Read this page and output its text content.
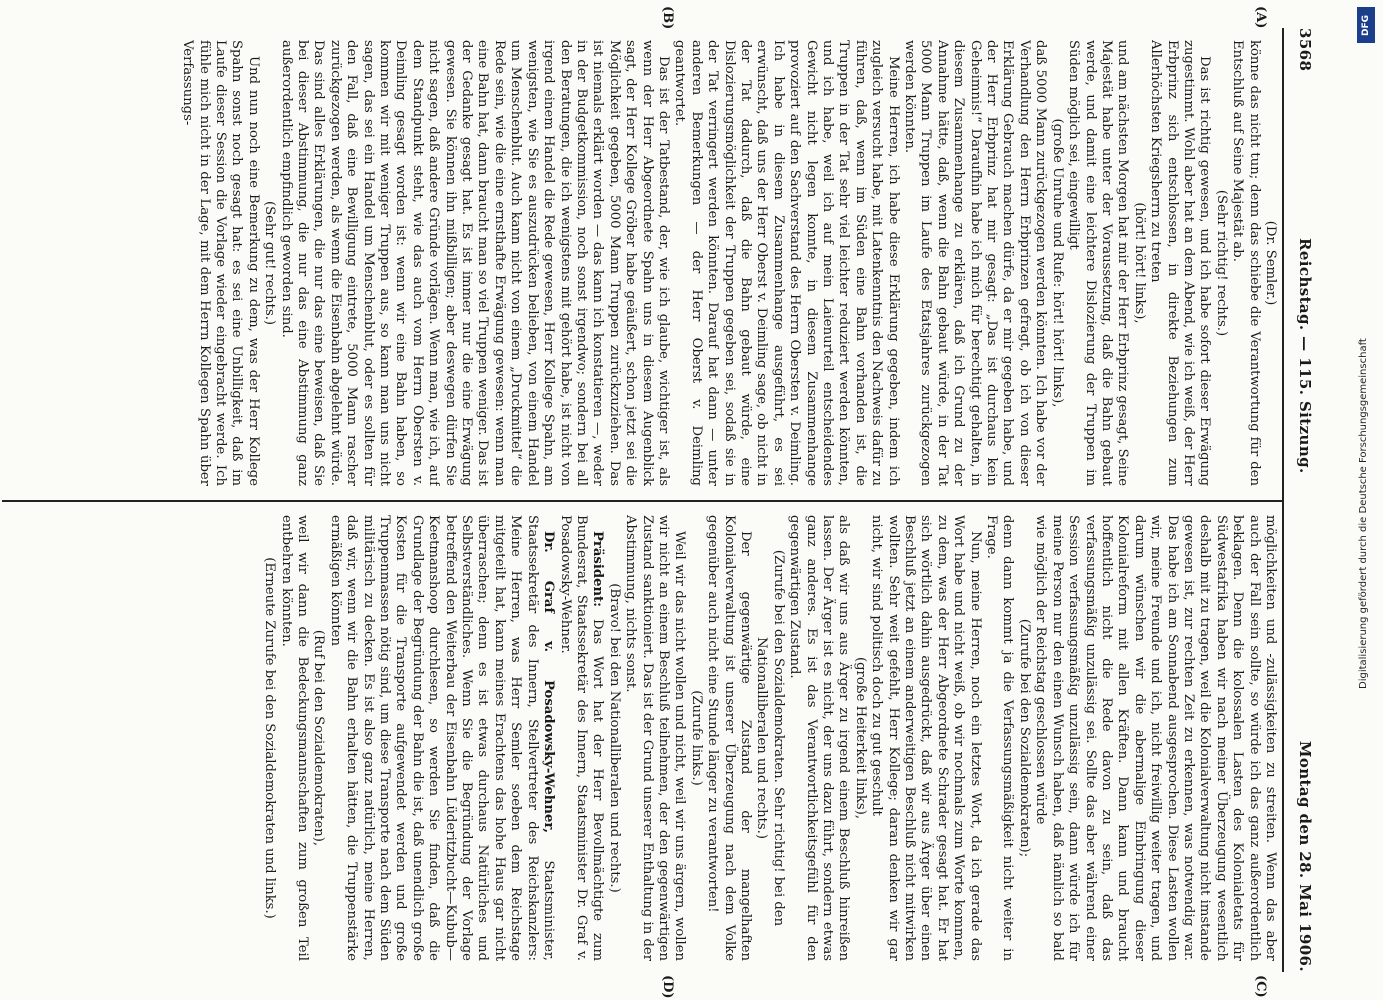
3568
Reichstag. — 115. Sitzung.
Montag den 28. Mai 1906.
(A)
(B)
(C)
(D)

(Dr. Semler.)

könne das nicht tun; denn das schiebe die Verantwortung für den Entschluß auf Seine Majestät ab.

(Sehr richtig! rechts.)

Das ist richtig gewesen, und ich habe sofort dieser Erwägung zugestimmt. Wohl aber hat an dem Abend, wie ich weiß, der Herr Erbprinz sich entschlossen, in direkte Beziehungen zum Allerhöchsten Kriegsherrn zu treten

(hört! hört! links),

und am nächsten Morgen hat mir der Herr Erbprinz gesagt, Seine Majestät habe unter der Voraussetzung, daß die Bahn gebaut werde, und damit eine leichtere Dislozierung der Truppen im Süden möglich sei, eingewilligt

(große Unruhe und Rufe: hört! hört! links),

daß 5000 Mann zurückgezogen werden könnten. Ich habe vor der Verhandlung den Herrn Erbprinzen gefragt, ob ich von dieser Erklärung Gebrauch machen dürfe, da er mir gegeben habe, und der Herr Erbprinz hat mir gesagt: „Das ist durchaus kein Geheimnis!“ Daraufhin habe ich mich für berechtigt gehalten, in diesem Zusammenhange zu erklären, daß ich Grund zu der Annahme hätte, daß, wenn die Bahn gebaut würde, in der Tat 5000 Mann Truppen im Laufe des Etatsjahres zurückgezogen werden könnten.

Meine Herren, ich habe diese Erklärung gegeben, indem ich zugleich versucht habe, mit Latenkenntnis den Nachweis dafür zu führen, daß, wenn im Süden eine Bahn vorhanden ist, die Truppen in der Tat sehr viel leichter reduziert werden könnten, und ich habe, weil ich auf mein Laienurteil entscheidendes Gewicht nicht legen konnte, in diesem Zusammenhange provoziert auf den Sachverstand des Herrn Obersten v. Deimling. Ich habe in diesem Zusammenhange ausgeführt, es sei erwünscht, daß uns der Herr Oberst v. Deimling sage, ob nicht in der Tat dadurch, daß die Bahn gebaut würde, eine Dislozierungsmöglichkeit der Truppen gegeben sei, sodaß sie in der Tat verringert werden könnten. Darauf hat dann — unter anderen Bemerkungen — der Herr Oberst v. Deimling geantwortet.

Das ist der Tatbestand, der, wie ich glaube, wichtiger ist, als wenn der Herr Abgeordnete Spahn uns in diesem Augenblick sagt, der Herr Kollege Gröber habe geäußert, schon jetzt sei die Möglichkeit gegeben, 5000 Mann Truppen zurückzuziehen. Das ist niemals erklärt worden — das kann ich konstatieren —, weder in der Budgetkommission, noch sonst irgendwo; sondern bei all den Beratungen, die ich wenigstens mit gehört habe, ist nicht von irgend einem Handel die Rede gewesen, Herr Kollege Spahn, am wenigsten, wie Sie es auszudrücken belieben, von einem Handel um Menschenblut. Auch kann nicht von einem „Druckmittel“ die Rede sein, wie die eine ernsthafte Erwägung gewesen: wenn man eine Bahn hat, dann braucht man so viel Truppen weniger. Das ist der Gedanke gesagt hat. Es ist immer nur die eine Erwägung gewesen. Sie können ihn mißbilligen; aber deswegen dürfen Sie nicht sagen, daß andere Gründe vorlägen. Wenn man, wie ich, auf dem Standpunkt steht, wie das auch vom Herrn Obersten v. Deimling gesagt worden ist: wenn wir eine Bahn haben, so kommen wir mit weniger Truppen aus, so kann man uns nicht sagen, das sei ein Handel um Menschenblut, oder es sollten für den Fall, daß eine Bewilligung eintrete, 5000 Mann rascher zurückgezogen werden, als wenn die Eisenbahn abgelehnt würde. Das sind alles Erklärungen, die nur das eine beweisen, daß Sie bei dieser Abstimmung, die nur das eine Abstimmung ganz außerordentlich empfindlich geworden sind.

(Sehr gut! rechts.)

Und nun noch eine Bemerkung zu dem, was der Herr Kollege Spahn sonst noch gesagt hat: es sei eine Unbilligkeit, daß im Laufe dieser Session die Vorlage wieder eingebracht werde. Ich fühle mich nicht in der Lage, mit dem Herrn Kollegen Spahn über Verfassungs-

möglichkeiten und -zulässigkeiten zu streiten. Wenn das aber auch der Fall sein sollte, so würde ich das ganz außerordentlich beklagen. Denn die kolossalen Lasten des Kolonialetats für Südwestafrika haben wir nach meiner Überzeugung wesentlich deshalb mit zu tragen, weil die Kolonialverwaltung nicht imstande gewesen ist, zur rechten Zeit zu erkennen, was notwendig war. Das habe ich am Sonnabend ausgesprochen. Diese Lasten wollen wir, meine Freunde und ich, nicht freiwillig weiter tragen, und darum wünschen wir die abermalige Einbringung dieser Kolonialreform mit allen Kräften. Dann kann und braucht hoffentlich nicht die Rede davon zu sein, daß das verfassungsmäßig unzulässig sei. Sollte das aber während einer Session verfassungsmäßig unzulässig sein, dann würde ich für meine Person nur den einen Wunsch haben, daß nämlich so bald wie möglich der Reichstag geschlossen würde

(Zurufe bei den Sozialdemokraten);

denn dann kommt ja die Verfassungsmäßigkeit nicht weiter in Frage.

Nun, meine Herren, noch ein letztes Wort, da ich gerade das Wort habe und nicht weiß, ob wir nochmals zum Worte kommen, zu dem, was der Herr Abgeordnete Schrader gesagt hat. Er hat sich wörtlich dahin ausgedrückt, daß wir aus Ärger über einen Beschluß jetzt an einem anderweitigen Beschluß nicht mitwirken wollten. Sehr weit gefehlt, Herr Kollege; daran denken wir gar nicht, wir sind politisch doch zu gut geschult

(große Heiterkeit links),

als daß wir uns aus Ärger zu irgend einem Beschluß hinreißen lassen. Der Ärger ist es nicht, der uns dazu führt, sondern etwas ganz anderes. Es ist das Verantwortlichkeitsgefühl für den gegenwärtigen Zustand.

(Zurufe bei den Sozialdemokraten. Sehr richtig! bei den Nationalliberalen und rechts.)

Der gegenwärtige Zustand der mangelhaften Kolonialverwaltung ist unserer Überzeugung nach dem Volke gegenüber auch nicht eine Stunde länger zu verantworten!

(Zurufe links.)

Weil wir das nicht wollen und nicht, weil wir uns ärgern, wollen wir nicht an einem Beschluß teilnehmen, der den gegenwärtigen Zustand sanktioniert. Das ist der Grund unserer Enthaltung in der Abstimmung, nichts sonst.

(Bravo! bei den Nationalliberalen und rechts.)

Präsident: Das Wort hat der Herr Bevollmächtigte zum Bundesrat, Staatssekretär des Innern, Staatsminister Dr. Graf v. Posadowsky-Wehner.

Dr. Graf v. Posadowsky-Wehner, Staatsminister, Staatssekretär des Innern, Stellvertreter des Reichskanzlers: Meine Herren, was Herr Semler soeben dem Reichstage mitgeteilt hat, kann meines Erachtens das hohe Haus gar nicht überraschen; denn es ist etwas durchaus Natürliches und Selbstverständliches. Wenn Sie die Begründung der Vorlage betreffend den Weiterbau der Eisenbahn Lüderitzbucht—Kubub—Keetmanshoop durchlesen, so werden Sie finden, daß die Grundlage der Begründung der Bahn die ist, daß unendlich große Kosten für die Transporte aufgewendet werden und große Truppenmassen nötig sind, um diese Transporte nach dem Süden militärisch zu decken. Es ist also ganz natürlich, meine Herren, daß wir, wenn wir die Bahn erhalten hätten, die Truppenstärke ermäßigen könnten

(Ruf bei den Sozialdemokraten),

weil wir dann die Bedeckungsmannschaften zum großen Teil entbehren könnten.

(Erneute Zurufe bei den Sozialdemokraten und links.)

DFG
Digitalisierung gefördert durch die Deutsche Forschungsgemeinschaft
